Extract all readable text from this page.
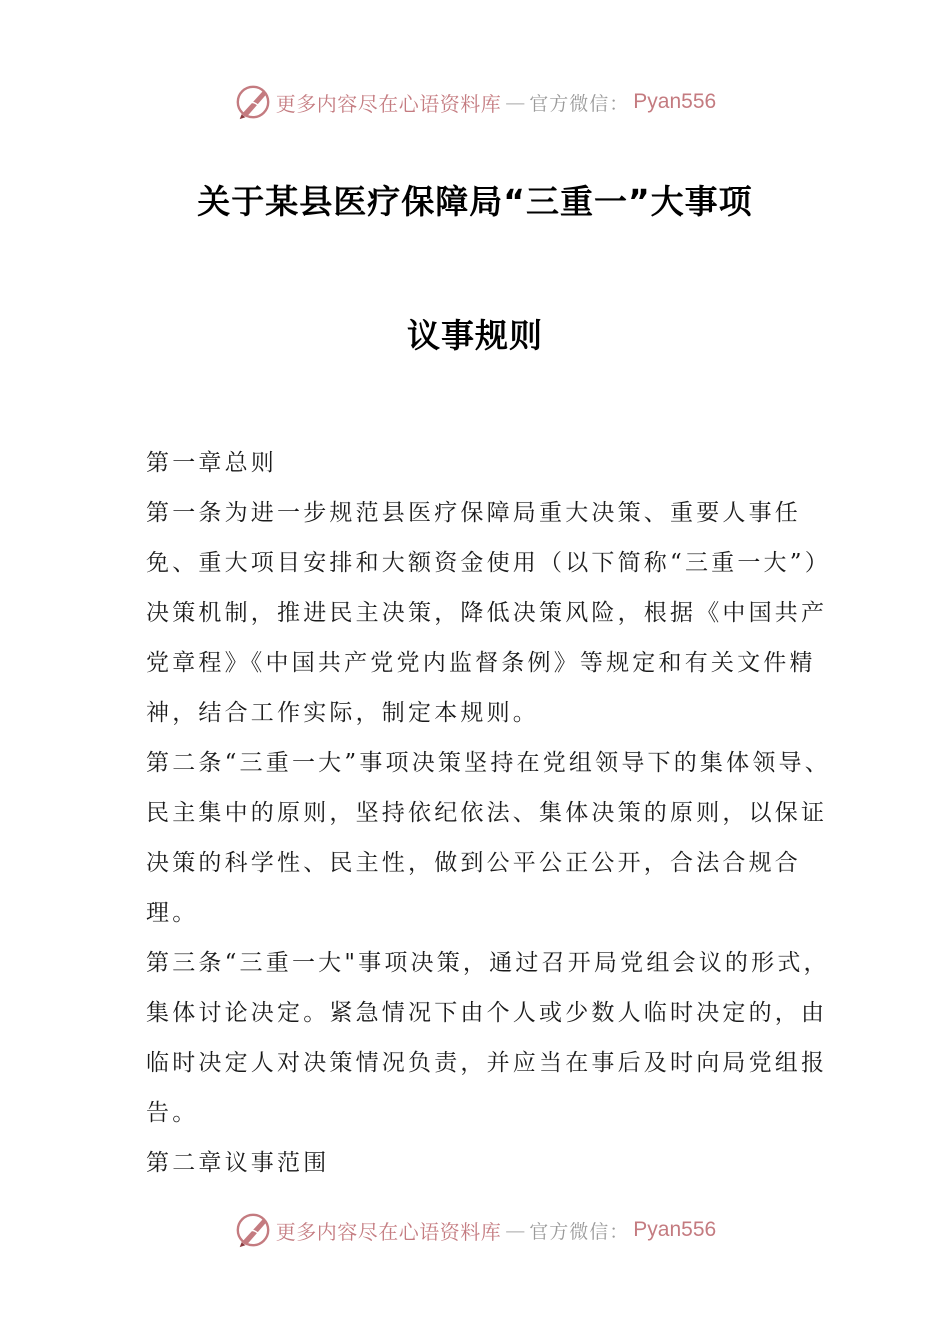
更多内容尽在心语资料库 — 官方微信： Pyan556
关于某县医疗保障局“三重一”大事项
议事规则

第一章总则

第一条为进一步规范县医疗保障局重大决策、重要人事任免、重大项目安排和大额资金使用（以下简称“三重一大”）决策机制，推进民主决策，降低决策风险，根据《中国共产党章程》《中国共产党党内监督条例》等规定和有关文件精神，结合工作实际，制定本规则。

第二条“三重一大”事项决策坚持在党组领导下的集体领导、民主集中的原则，坚持依纪依法、集体决策的原则，以保证决策的科学性、民主性，做到公平公正公开，合法合规合理。

第三条“三重一大"事项决策，通过召开局党组会议的形式，集体讨论决定。紧急情况下由个人或少数人临时决定的，由临时决定人对决策情况负责，并应当在事后及时向局党组报告。

第二章议事范围

更多内容尽在心语资料库 — 官方微信： Pyan556
